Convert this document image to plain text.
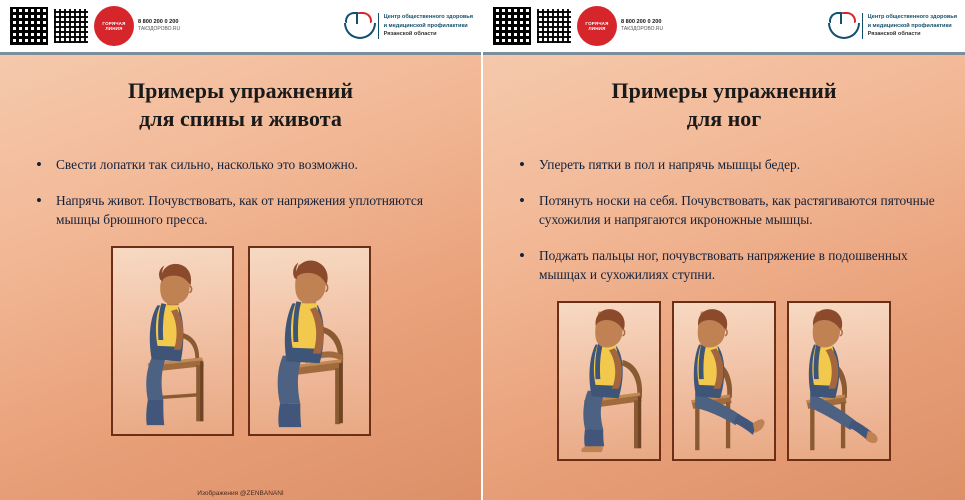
ГОРЯЧАЯ ЛИНИЯ
8 800 200 0 200
ТАКЗДОРОВО.RU
Центр общественного здоровья
и медицинской профилактики
Рязанской области
Примеры упражнений
для спины и живота
• Свести лопатки так сильно, насколько это возможно.
• Напрячь живот. Почувствовать, как от напряжения уплотняются мышцы брюшного пресса.
Изображения @ZENBANANI
ГОРЯЧАЯ ЛИНИЯ
8 800 200 0 200
ТАКЗДОРОВО.RU
Центр общественного здоровья
и медицинской профилактики
Рязанской области
Примеры упражнений
для ног
• Упереть пятки в пол и напрячь мышцы бедер.
• Потянуть носки на себя. Почувствовать, как растягиваются пяточные сухожилия и напрягаются икроножные мышцы.
• Поджать пальцы ног, почувствовать напряжение в подошвенных мышцах и сухожилиях ступни.
